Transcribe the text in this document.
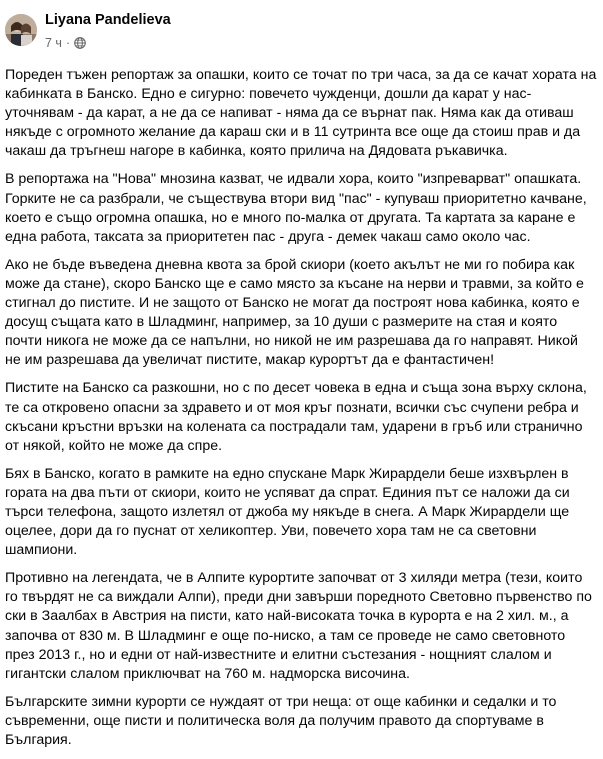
Liyana Pandelieva
7 ч ·

Пореден тъжен репортаж за опашки, които се точат по три часа, за да се качат хората на кабинката в Банско. Едно е сигурно: повечето чужденци, дошли да карат у нас- уточнявам - да карат, а не да се напиват - няма да се върнат пак. Няма как да отиваш някъде с огромното желание да караш ски и в 11 сутринта все още да стоиш прав и да чакаш да тръгнеш нагоре в кабинка, която прилича на Дядовата ръкавичка.

В репортажа на "Нова" мнозина казват, че идвали хора, които "изпреварват" опашката. Горките не са разбрали, че съществува втори вид "пас" - купуваш приоритетно качване, което е също огромна опашка, но е много по-малка от другата. Та картата за каране е една работа, таксата за приоритетен пас - друга - демек чакаш само около час.

Ако не бъде въведена дневна квота за брой скиори (което акълът не ми го побира как може да стане), скоро Банско ще е само място за късане на нерви и травми, за който е стигнал до пистите. И не защото от Банско не могат да построят нова кабинка, която е досущ същата като в Шладминг, например, за 10 души с размерите на стая и която почти никога не може да се напълни, но никой не им разрешава да го направят. Никой не им разрешава да увеличат пистите, макар курортът да е фантастичен!

Пистите на Банско са разкошни, но с по десет човека в една и съща зона върху склона, те са откровено опасни за здравето и от моя кръг познати, всички със счупени ребра и скъсани кръстни връзки на колената са пострадали там, ударени в гръб или странично от някой, който не може да спре.

Бях в Банско, когато в рамките на едно спускане Марк Жирардели беше изхвърлен в гората на два пъти от скиори, които не успяват да спрат. Единия път се наложи да си търси телефона, защото излетял от джоба му някъде в снега. А Марк Жирардели ще оцелее, дори да го пуснат от хеликоптер. Уви, повечето хора там не са световни шампиони.

Противно на легендата, че в Алпите курортите започват от 3 хиляди метра (тези, които го твърдят не са виждали Алпи), преди дни завърши поредното Световно първенство по ски в Заалбах в Австрия на писти, като най-високата точка в курорта е на 2 хил. м., а започва от 830 м. В Шладминг е още по-ниско, а там се проведе не само световното през 2013 г., но и едни от най-известните и елитни състезания - нощният слалом и гигантски слалом приключват на 760 м. надморска височина.

Българските зимни курорти се нуждаят от три неща: от още кабинки и седалки и то съвременни, още писти и политическа воля да получим правото да спортуваме в България.
